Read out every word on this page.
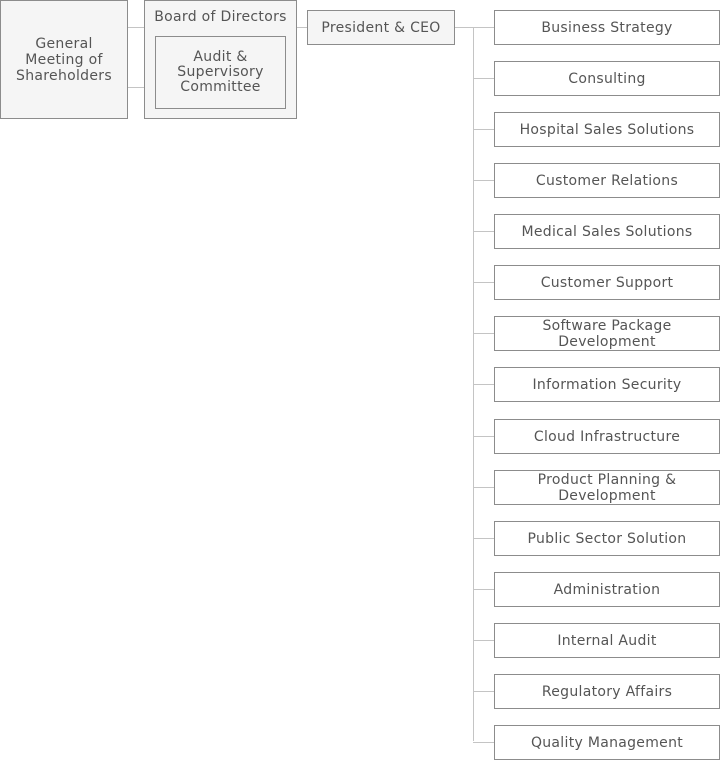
General Meeting of Shareholders
Board of Directors
Audit & Supervisory Committee
President & CEO	Business Strategy
Consulting
Hospital Sales Solutions
Customer Relations
Medical Sales Solutions
Customer Support
Software Package Development
Information Security
Cloud Infrastructure
Product Planning & Development
Public Sector Solution
Administration
Internal Audit
Regulatory Affairs
Quality Management
